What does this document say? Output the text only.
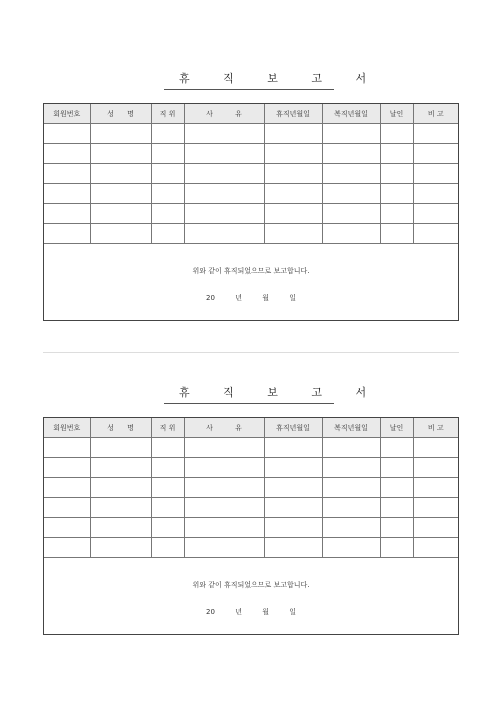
휴 직 보 고 서
회원번호	성      명	직 위	사          유	휴직년월일	복직년월일	날인	비 고

위와 같이 휴직되었으므로 보고합니다.
20	년	월	일
휴 직 보 고 서
회원번호	성      명	직 위	사          유	휴직년월일	복직년월일	날인	비 고

위와 같이 휴직되었으므로 보고합니다.
20	년	월	일
